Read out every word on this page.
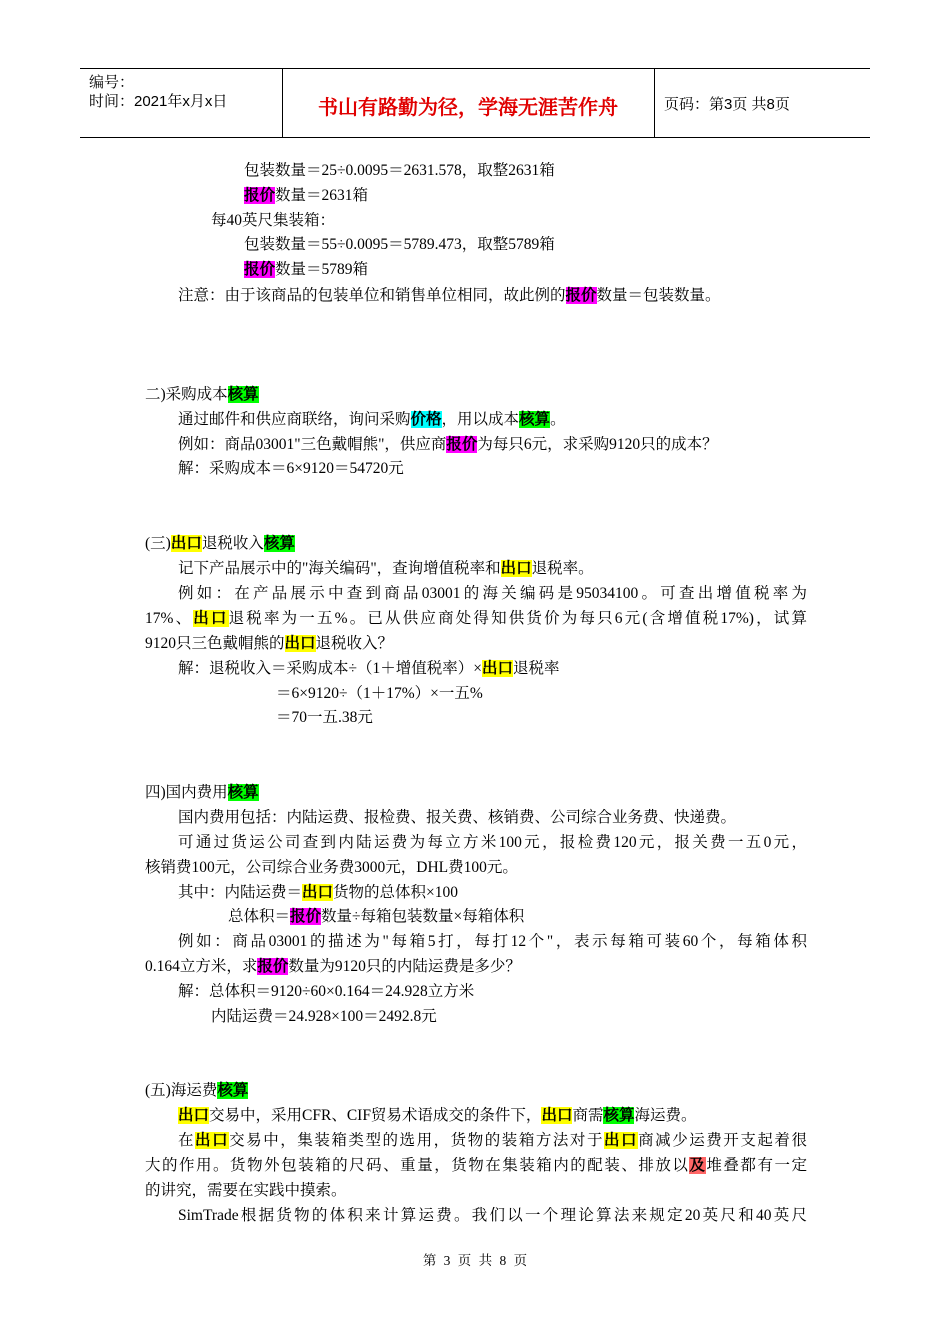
编号：
时间：2021年x月x日	书山有路勤为径，学海无涯苦作舟	页码：第3页 共8页
包装数量＝25÷0.0095＝2631.578，取整2631箱
报价数量＝2631箱
每40英尺集装箱：
包装数量＝55÷0.0095＝5789.473，取整5789箱
报价数量＝5789箱
注意：由于该商品的包装单位和销售单位相同，故此例的报价数量＝包装数量。
二)采购成本核算
通过邮件和供应商联络，询问采购价格，用以成本核算。
例如：商品03001"三色戴帽熊"，供应商报价为每只6元，求采购9120只的成本？
解：采购成本＝6×9120＝54720元
(三)出口退税收入核算
记下产品展示中的"海关编码"，查询增值税率和出口退税率。
例如：在产品展示中查到商品03001的海关编码是95034100。可查出增值税率为
17%、出口退税率为一五%。已从供应商处得知供货价为每只6元(含增值税17%)，试算
9120只三色戴帽熊的出口退税收入？
解：退税收入＝采购成本÷（1＋增值税率）×出口退税率
＝6×9120÷（1＋17%）×一五%
＝70一五.38元
四)国内费用核算
国内费用包括：内陆运费、报检费、报关费、核销费、公司综合业务费、快递费。
可通过货运公司查到内陆运费为每立方米100元，报检费120元，报关费一五0元，
核销费100元，公司综合业务费3000元，DHL费100元。
其中：内陆运费＝出口货物的总体积×100
总体积＝报价数量÷每箱包装数量×每箱体积
例如：商品03001的描述为"每箱5打，每打12个"，表示每箱可装60个，每箱体积
0.164立方米，求报价数量为9120只的内陆运费是多少？
解：总体积＝9120÷60×0.164＝24.928立方米
内陆运费＝24.928×100＝2492.8元
(五)海运费核算
出口交易中，采用CFR、CIF贸易术语成交的条件下，出口商需核算海运费。
在出口交易中，集装箱类型的选用，货物的装箱方法对于出口商减少运费开支起着很
大的作用。货物外包装箱的尺码、重量，货物在集装箱内的配装、排放以及堆叠都有一定
的讲究，需要在实践中摸索。
SimTrade根据货物的体积来计算运费。我们以一个理论算法来规定20英尺和40英尺
第 3 页 共 8 页
